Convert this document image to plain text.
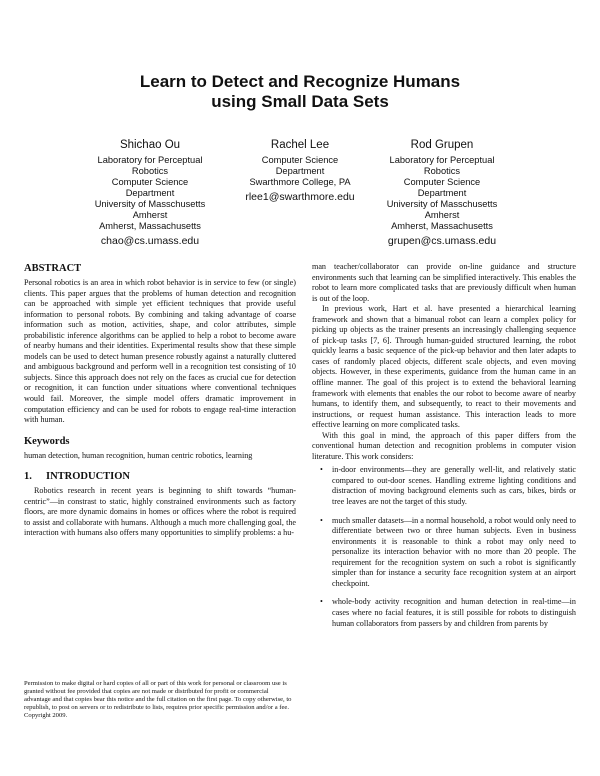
Learn to Detect and Recognize Humans
using Small Data Sets
Shichao Ou
Laboratory for Perceptual
Robotics
Computer Science
Department
University of Masschusetts
Amherst
Amherst, Massachusetts
chao@cs.umass.edu
Rachel Lee
Computer Science
Department
Swarthmore College, PA
rlee1@swarthmore.edu
Rod Grupen
Laboratory for Perceptual
Robotics
Computer Science
Department
University of Masschusetts
Amherst
Amherst, Massachusetts
grupen@cs.umass.edu
ABSTRACT

Personal robotics is an area in which robot behavior is in service to few (or single) clients. This paper argues that the problems of human detection and recognition can be approached with simple yet efficient techniques that provide useful information to personal robots. By combining and taking advantage of coarse information such as motion, activities, shape, and color attributes, simple probabilistic inference algorithms can be applied to help a robot to become aware of nearby humans and their identities. Experimental results show that these simple models can be used to detect human presence robustly against a naturally cluttered and ambiguous background and perform well in a recognition test consisting of 10 subjects. Since this approach does not rely on the faces as crucial cue for detection or recognition, it can function under situations where conventional techniques would fail. Moreover, the simple model offers dramatic improvement in computation efficiency and can be used for robots to engage real-time interaction with human.

Keywords

human detection, human recognition, human centric robotics, learning

1. INTRODUCTION

Robotics research in recent years is beginning to shift towards “human-centric”—in constrast to static, highly constrained environments such as factory floors, are more dynamic domains in homes or offices where the robot is required to assist and collaborate with humans. Although a much more challenging goal, the interaction with humans also offers many opportunities to simplify problems: a hu-

Permission to make digital or hard copies of all or part of this work for personal or classroom use is granted without fee provided that copies are not made or distributed for profit or commercial advantage and that copies bear this notice and the full citation on the first page. To copy otherwise, to republish, to post on servers or to redistribute to lists, requires prior specific permission and/or a fee.
Copyright 2009.

man teacher/collaborator can provide on-line guidance and structure environments such that learning can be simplified interactively. This enables the robot to learn more complicated tasks that are previously difficult when human is out of the loop.

In previous work, Hart et al. have presented a hierarchical learning framework and shown that a bimanual robot can learn a complex policy for picking up objects as the trainer presents an increasingly challenging sequence of pick-up tasks [7, 6]. Through human-guided structured learning, the robot quickly learns a basic sequence of the pick-up behavior and then later adapts to cases of randomly placed objects, different scale objects, and even moving objects. However, in these experiments, guidance from the human came in an offline manner. The goal of this project is to extend the behavioral learning framework with elements that enables the our robot to become aware of nearby humans, to identify them, and subsequently, to react to their movements and instructions, or request human assistance. This interaction leads to more effective learning on more complicated tasks.

With this goal in mind, the approach of this paper differs from the conventional human detection and recognition problems in computer vision literature. This work considers:

• in-door environments—they are generally well-lit, and relatively static compared to out-door scenes. Handling extreme lighting conditions and distraction of moving background elements such as cars, bikes, birds or tree leaves are not the target of this study.
• much smaller datasets—in a normal household, a robot would only need to differentiate between two or three human subjects. Even in business environments it is reasonable to think a robot may only need to personalize its interaction behavior with no more than 20 people. The requirement for the recognition system on such a robot is significantly simpler than for instance a security face recognition system at an airport checkpoint.
• whole-body activity recognition and human detection in real-time—in cases where no facial features, it is still possible for robots to distinguish human collaborators from passers by and children from parents by
